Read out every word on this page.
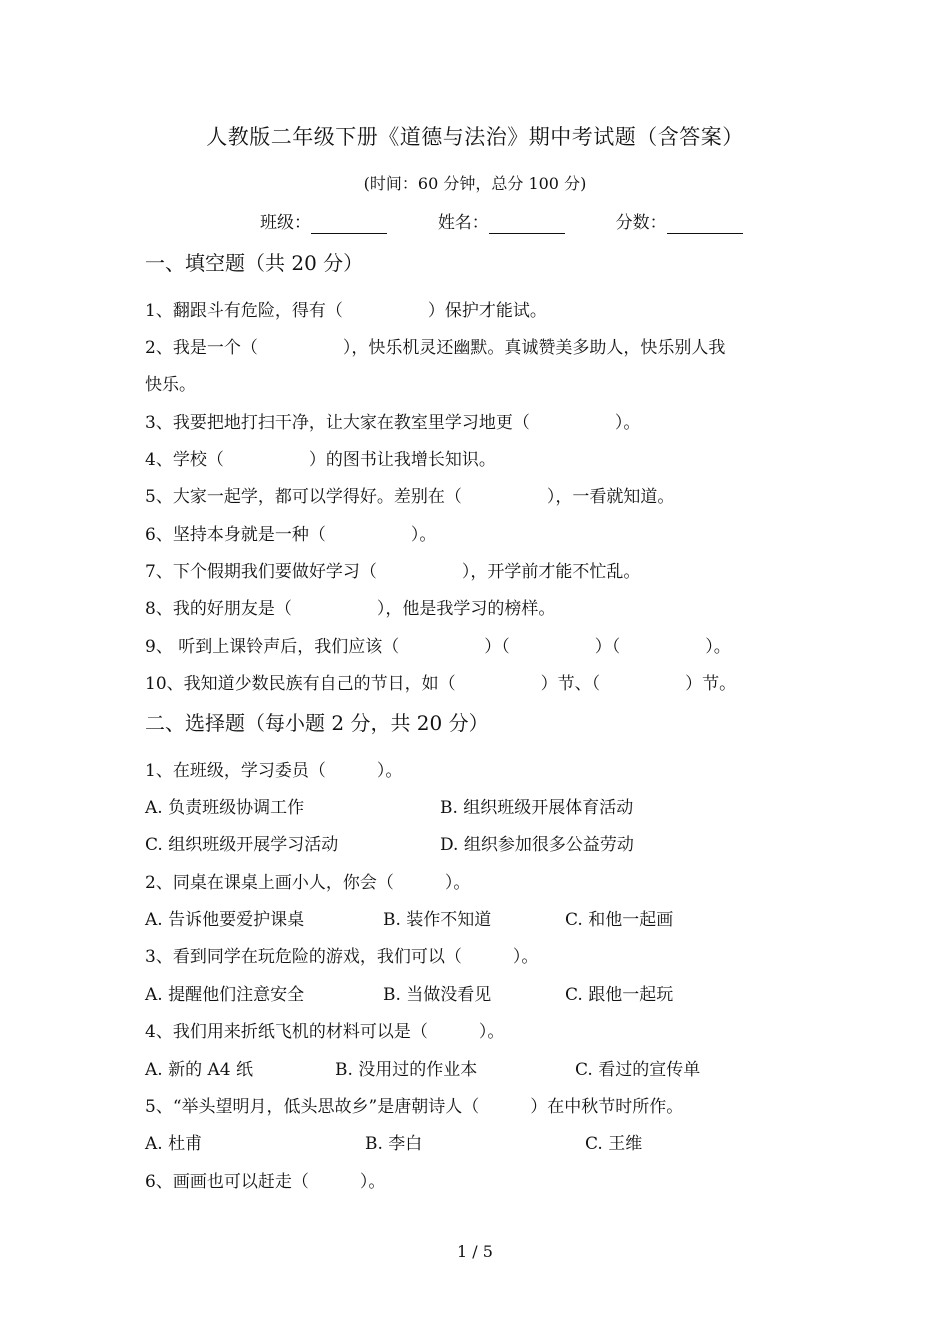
人教版二年级下册《道德与法治》期中考试题（含答案）
(时间：60 分钟，总分 100 分)
班级：	姓名：	分数：
一、填空题（共 20 分）
1、翻跟斗有危险，得有（　　　　　）保护才能试。
2、我是一个（　　　　　），快乐机灵还幽默。真诚赞美多助人，快乐别人我
快乐。
3、我要把地打扫干净，让大家在教室里学习地更（　　　　　）。
4、学校（　　　　　）的图书让我增长知识。
5、大家一起学，都可以学得好。差别在（　　　　　），一看就知道。
6、坚持本身就是一种（　　　　　）。
7、下个假期我们要做好学习（　　　　　），开学前才能不忙乱。
8、我的好朋友是（　　　　　），他是我学习的榜样。
9、 听到上课铃声后，我们应该（　　　　　）（　　　　　）（　　　　　）。
10、我知道少数民族有自己的节日，如（　　　　　）节、（　　　　　）节。
二、选择题（每小题 2 分，共 20 分）
1、在班级，学习委员（　　　）。
A. 负责班级协调工作	B. 组织班级开展体育活动
C. 组织班级开展学习活动	D. 组织参加很多公益劳动
2、同桌在课桌上画小人，你会（　　　）。
A. 告诉他要爱护课桌	B. 装作不知道	C. 和他一起画
3、看到同学在玩危险的游戏，我们可以（　　　）。
A. 提醒他们注意安全	B. 当做没看见	C. 跟他一起玩
4、我们用来折纸飞机的材料可以是（　　　）。
A. 新的 A4 纸	B. 没用过的作业本	C. 看过的宣传单
5、“举头望明月，低头思故乡”是唐朝诗人（　　　）在中秋节时所作。
A. 杜甫	B. 李白	C. 王维
6、画画也可以赶走（　　　）。
1 / 5
